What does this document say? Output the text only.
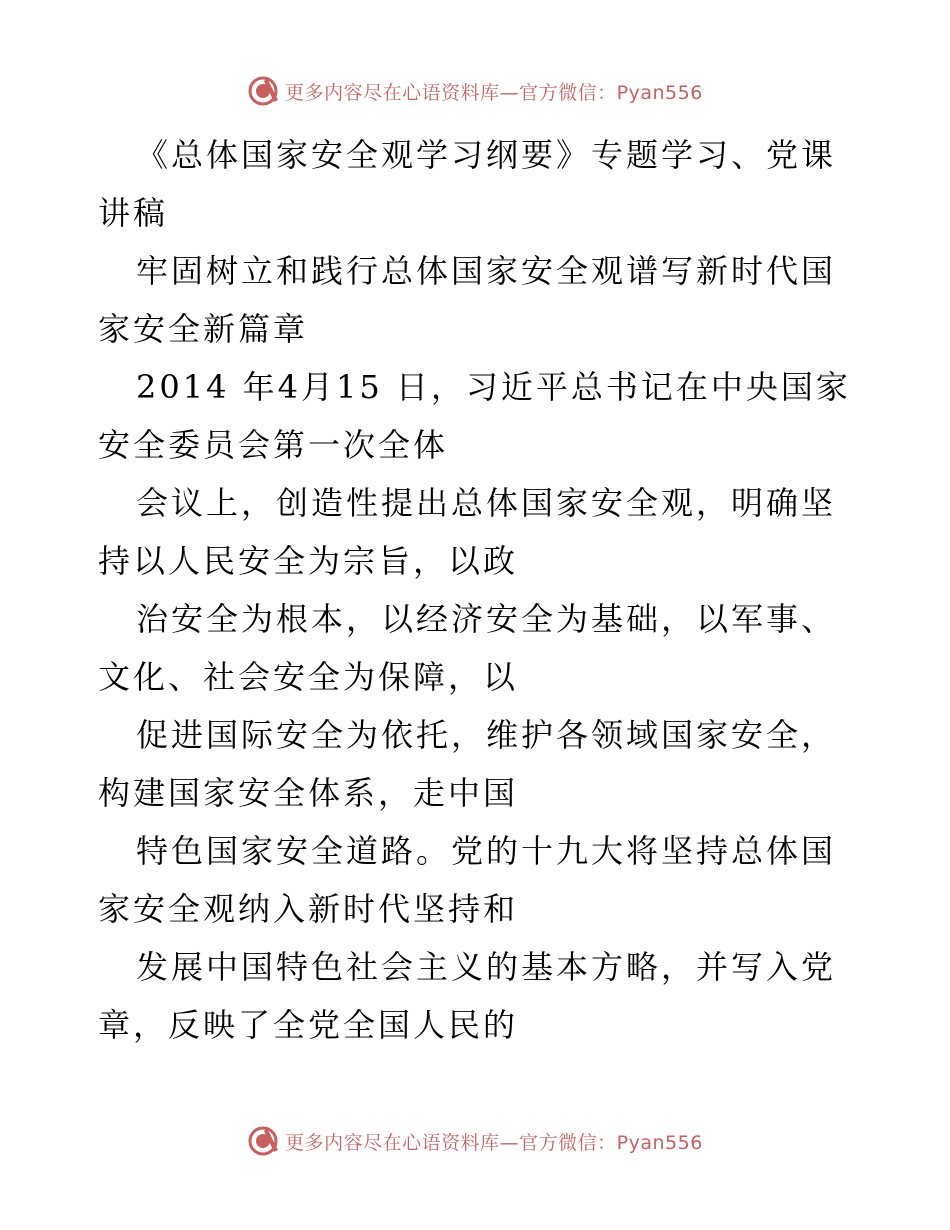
更多内容尽在心语资料库—官方微信：Pyan556

《总体国家安全观学习纲要》专题学习、党课讲稿

牢固树立和践行总体国家安全观谱写新时代国家安全新篇章

2014 年4月15 日，习近平总书记在中央国家安全委员会第一次全体

会议上，创造性提出总体国家安全观，明确坚持以人民安全为宗旨，以政

治安全为根本，以经济安全为基础，以军事、文化、社会安全为保障，以

促进国际安全为依托，维护各领域国家安全，构建国家安全体系，走中国

特色国家安全道路。党的十九大将坚持总体国家安全观纳入新时代坚持和

发展中国特色社会主义的基本方略，并写入党章，反映了全党全国人民的

更多内容尽在心语资料库—官方微信：Pyan556
